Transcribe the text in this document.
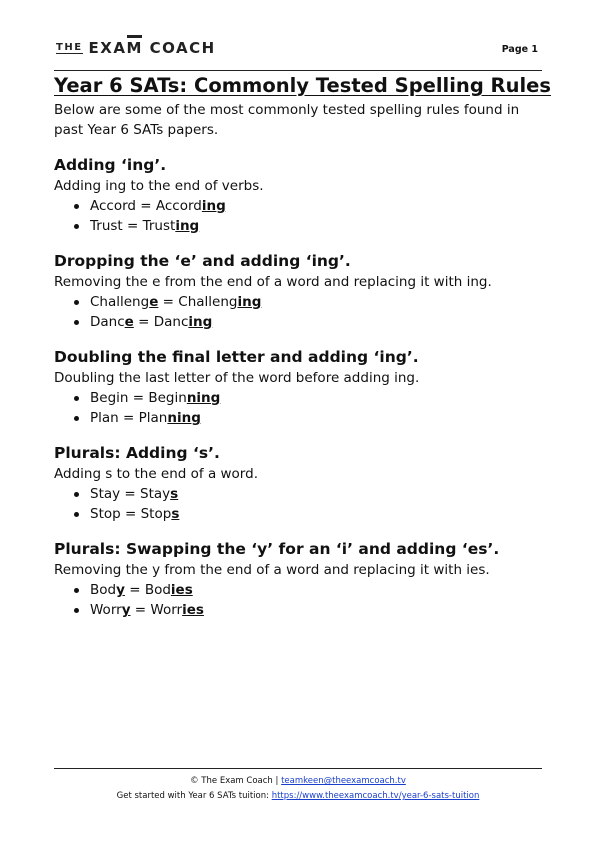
THE EXAM COACH	Page 1
Year 6 SATs: Commonly Tested Spelling Rules

Below are some of the most commonly tested spelling rules found in past Year 6 SATs papers.

Adding ‘ing’.

Adding ing to the end of verbs.

Accord = According
Trust = Trusting
Dropping the ‘e’ and adding ‘ing’.

Removing the e from the end of a word and replacing it with ing.

Challenge = Challenging
Dance = Dancing
Doubling the final letter and adding ‘ing’.

Doubling the last letter of the word before adding ing.

Begin = Beginning
Plan = Planning
Plurals: Adding ‘s’.

Adding s to the end of a word.

Stay = Stays
Stop = Stops
Plurals: Swapping the ‘y’ for an ‘i’ and adding ‘es’.

Removing the y from the end of a word and replacing it with ies.

Body = Bodies
Worry = Worries
© The Exam Coach | teamkeen@theexamcoach.tv
Get started with Year 6 SATs tuition: https://www.theexamcoach.tv/year-6-sats-tuition
